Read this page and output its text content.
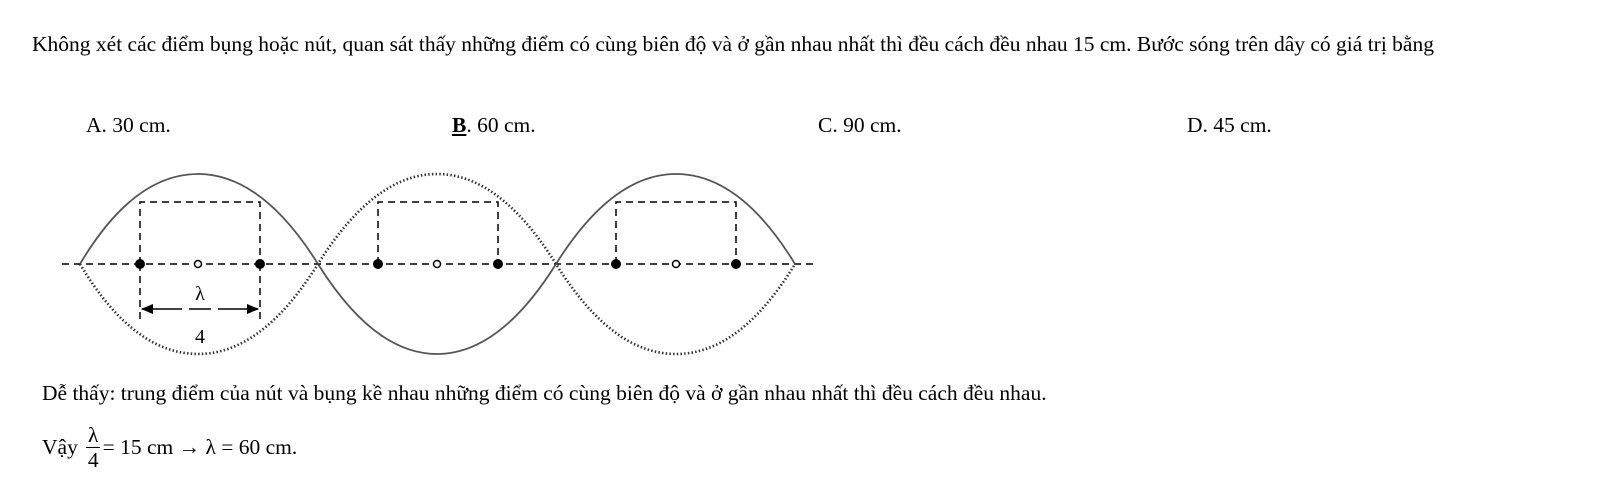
Không xét các điểm bụng hoặc nút, quan sát thấy những điểm có cùng biên độ và ở gần nhau nhất thì đều cách đều nhau 15 cm. Bước sóng trên dây có giá trị bằng
A. 30 cm.	B. 60 cm.	C. 90 cm.	D. 45 cm.
λ
4
Dễ thấy: trung điểm của nút và bụng kề nhau những điểm có cùng biên độ và ở gần nhau nhất thì đều cách đều nhau.
Vậy $\frac{\lambda}{4} = 15$ cm → λ = 60 cm.
